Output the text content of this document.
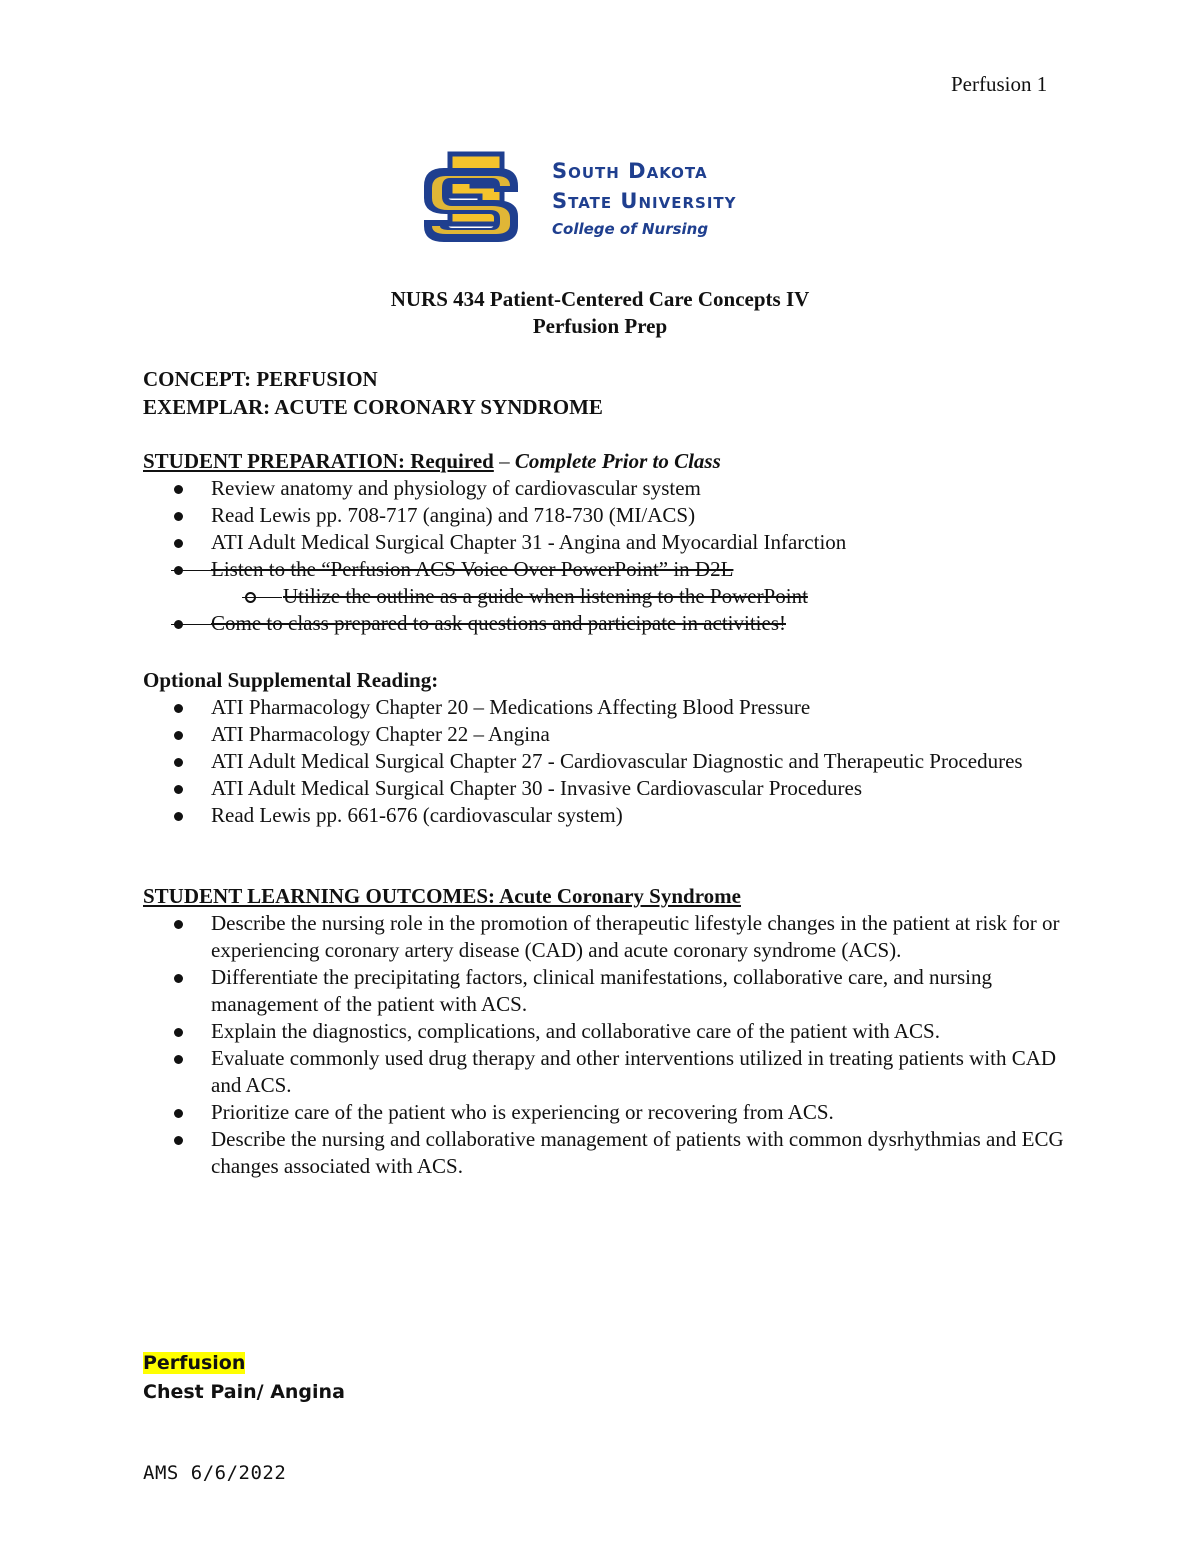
Perfusion 1
™
South Dakota
State University
College of Nursing
NURS 434 Patient-Centered Care Concepts IV
Perfusion Prep
CONCEPT: PERFUSION
EXEMPLAR: ACUTE CORONARY SYNDROME
STUDENT PREPARATION: Required – Complete Prior to Class
Review anatomy and physiology of cardiovascular system
Read Lewis pp. 708-717 (angina) and 718-730 (MI/ACS)
ATI Adult Medical Surgical Chapter 31 - Angina and Myocardial Infarction
Listen to the “Perfusion ACS Voice Over PowerPoint” in D2L
Utilize the outline as a guide when listening to the PowerPoint
Come to class prepared to ask questions and participate in activities!
Optional Supplemental Reading:
ATI Pharmacology Chapter 20 – Medications Affecting Blood Pressure
ATI Pharmacology Chapter 22 – Angina
ATI Adult Medical Surgical Chapter 27 - Cardiovascular Diagnostic and Therapeutic Procedures
ATI Adult Medical Surgical Chapter 30 - Invasive Cardiovascular Procedures
Read Lewis pp. 661-676 (cardiovascular system)
STUDENT LEARNING OUTCOMES: Acute Coronary Syndrome
Describe the nursing role in the promotion of therapeutic lifestyle changes in the patient at risk for or experiencing coronary artery disease (CAD) and acute coronary syndrome (ACS).
Differentiate the precipitating factors, clinical manifestations, collaborative care, and nursing management of the patient with ACS.
Explain the diagnostics, complications, and collaborative care of the patient with ACS.
Evaluate commonly used drug therapy and other interventions utilized in treating patients with CAD and ACS.
Prioritize care of the patient who is experiencing or recovering from ACS.
Describe the nursing and collaborative management of patients with common dysrhythmias and ECG changes associated with ACS.
Perfusion
Chest Pain/ Angina
AMS 6/6/2022
